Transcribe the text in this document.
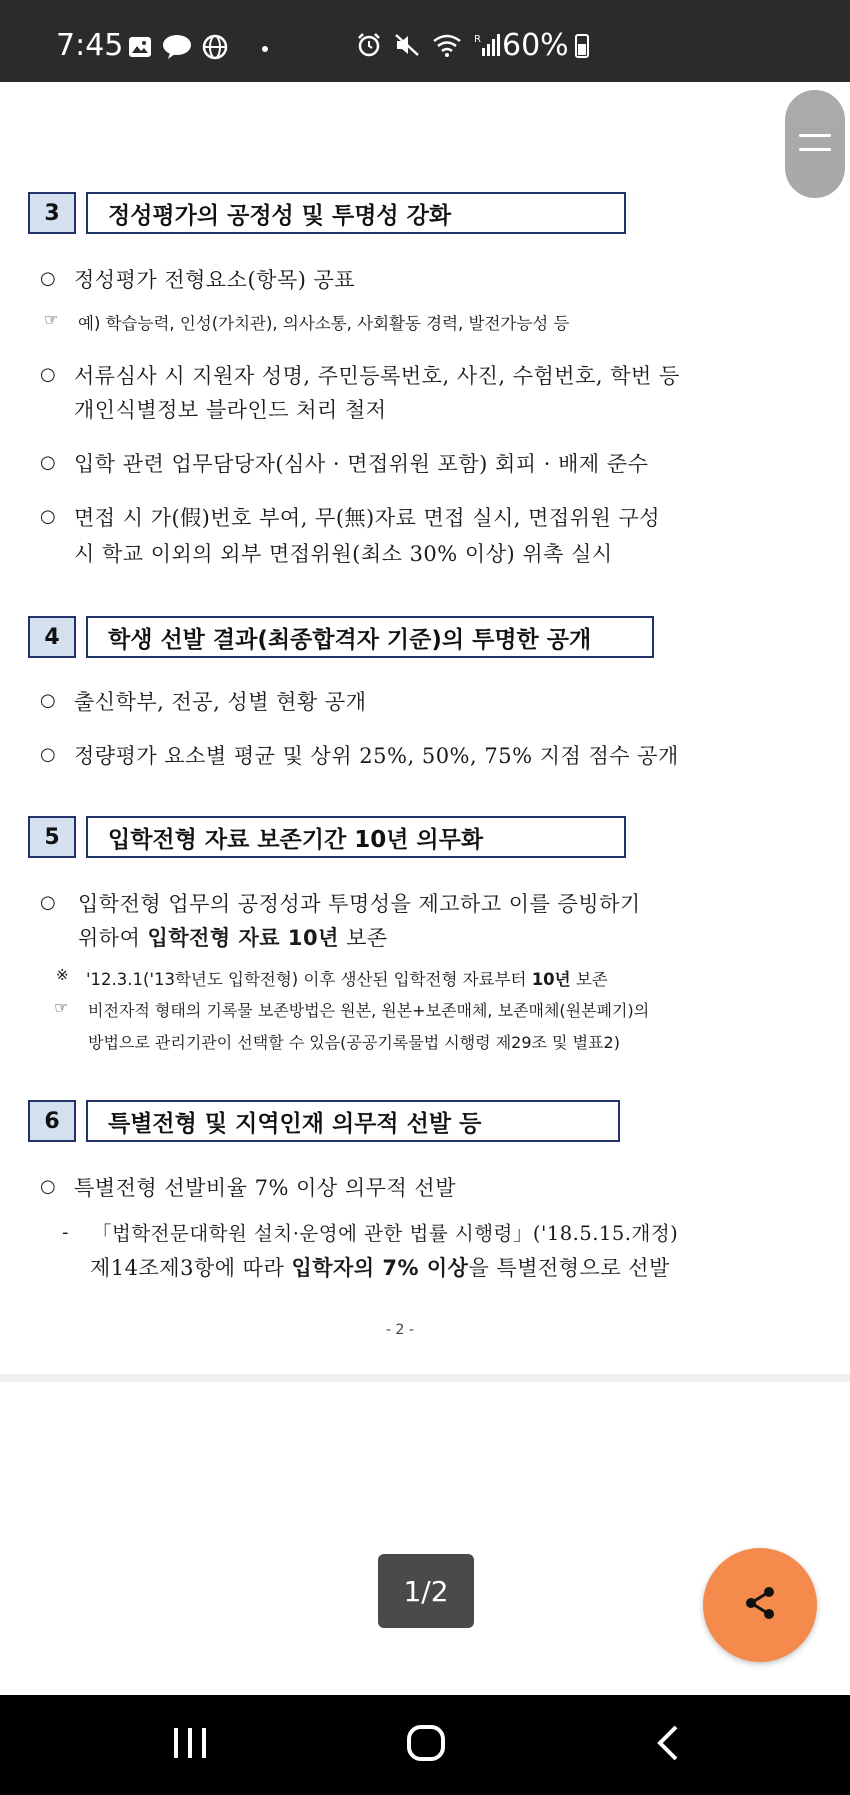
7:45	R 60%
3	정성평가의 공정성 및 투명성 강화
○ 정성평가 전형요소(항목) 공표
☞ 예) 학습능력, 인성(가치관), 의사소통, 사회활동 경력, 발전가능성 등
○ 서류심사 시 지원자 성명, 주민등록번호, 사진, 수험번호, 학번 등
개인식별정보 블라인드 처리 철저
○ 입학 관련 업무담당자(심사 · 면접위원 포함) 회피 · 배제 준수
○ 면접 시 가(假)번호 부여, 무(無)자료 면접 실시, 면접위원 구성
시 학교 이외의 외부 면접위원(최소 30% 이상) 위촉 실시
4	학생 선발 결과(최종합격자 기준)의 투명한 공개
○ 출신학부, 전공, 성별 현황 공개
○ 정량평가 요소별 평균 및 상위 25%, 50%, 75% 지점 점수 공개
5	입학전형 자료 보존기간 10년 의무화
○ 입학전형 업무의 공정성과 투명성을 제고하고 이를 증빙하기
위하여 입학전형 자료 10년 보존
※ '12.3.1('13학년도 입학전형) 이후 생산된 입학전형 자료부터 10년 보존
☞ 비전자적 형태의 기록물 보존방법은 원본, 원본+보존매체, 보존매체(원본폐기)의
방법으로 관리기관이 선택할 수 있음(공공기록물법 시행령 제29조 및 별표2)
6	특별전형 및 지역인재 의무적 선발 등
○ 특별전형 선발비율 7% 이상 의무적 선발
- 「법학전문대학원 설치·운영에 관한 법률 시행령」('18.5.15.개정)
제14조제3항에 따라 입학자의 7% 이상을 특별전형으로 선발
- 2 -
1/2
